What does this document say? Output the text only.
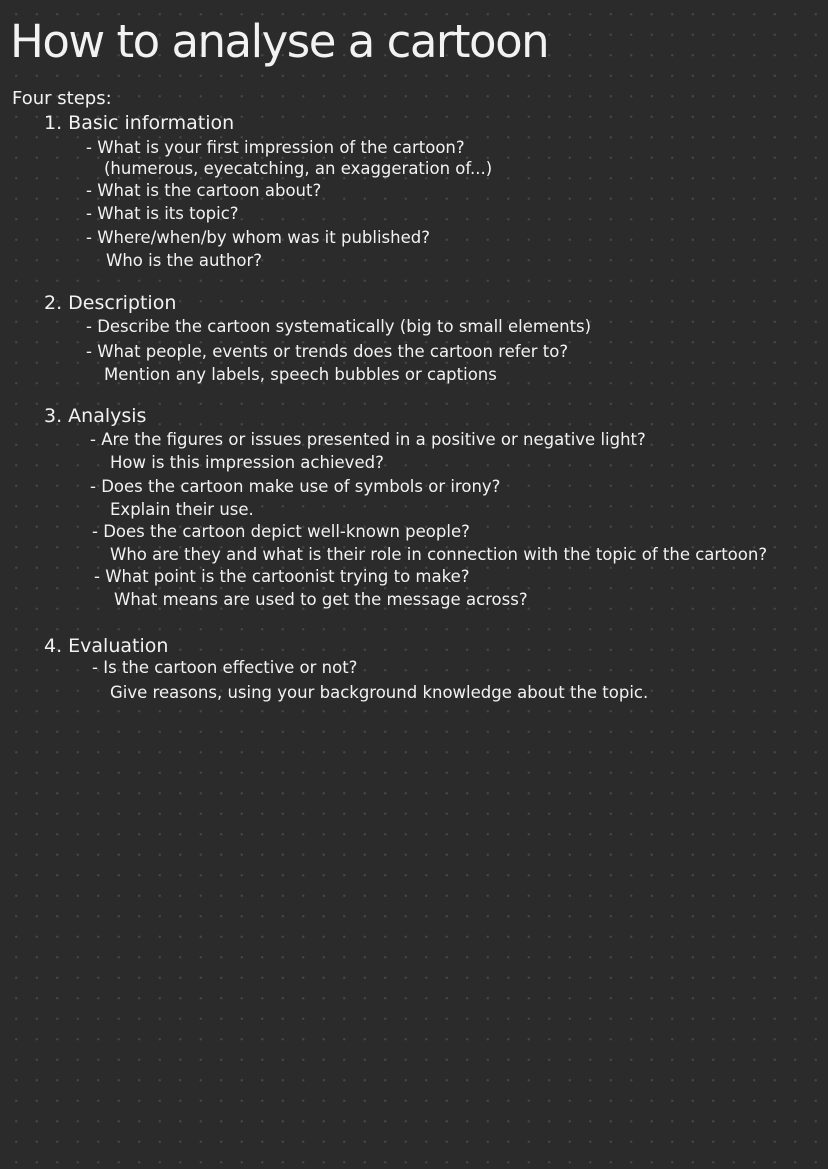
How to analyse a cartoon
Four steps:
1. Basic information
- What is your first impression of the cartoon?
(humerous, eyecatching, an exaggeration of...)
- What is the cartoon about?
- What is its topic?
- Where/when/by whom was it published?
Who is the author?
2. Description
- Describe the cartoon systematically (big to small elements)
- What people, events or trends does the cartoon refer to?
Mention any labels, speech bubbles or captions
3. Analysis
- Are the figures or issues presented in a positive or negative light?
How is this impression achieved?
- Does the cartoon make use of symbols or irony?
Explain their use.
- Does the cartoon depict well-known people?
Who are they and what is their role in connection with the topic of the cartoon?
- What point is the cartoonist trying to make?
What means are used to get the message across?
4. Evaluation
- Is the cartoon effective or not?
Give reasons, using your background knowledge about the topic.
